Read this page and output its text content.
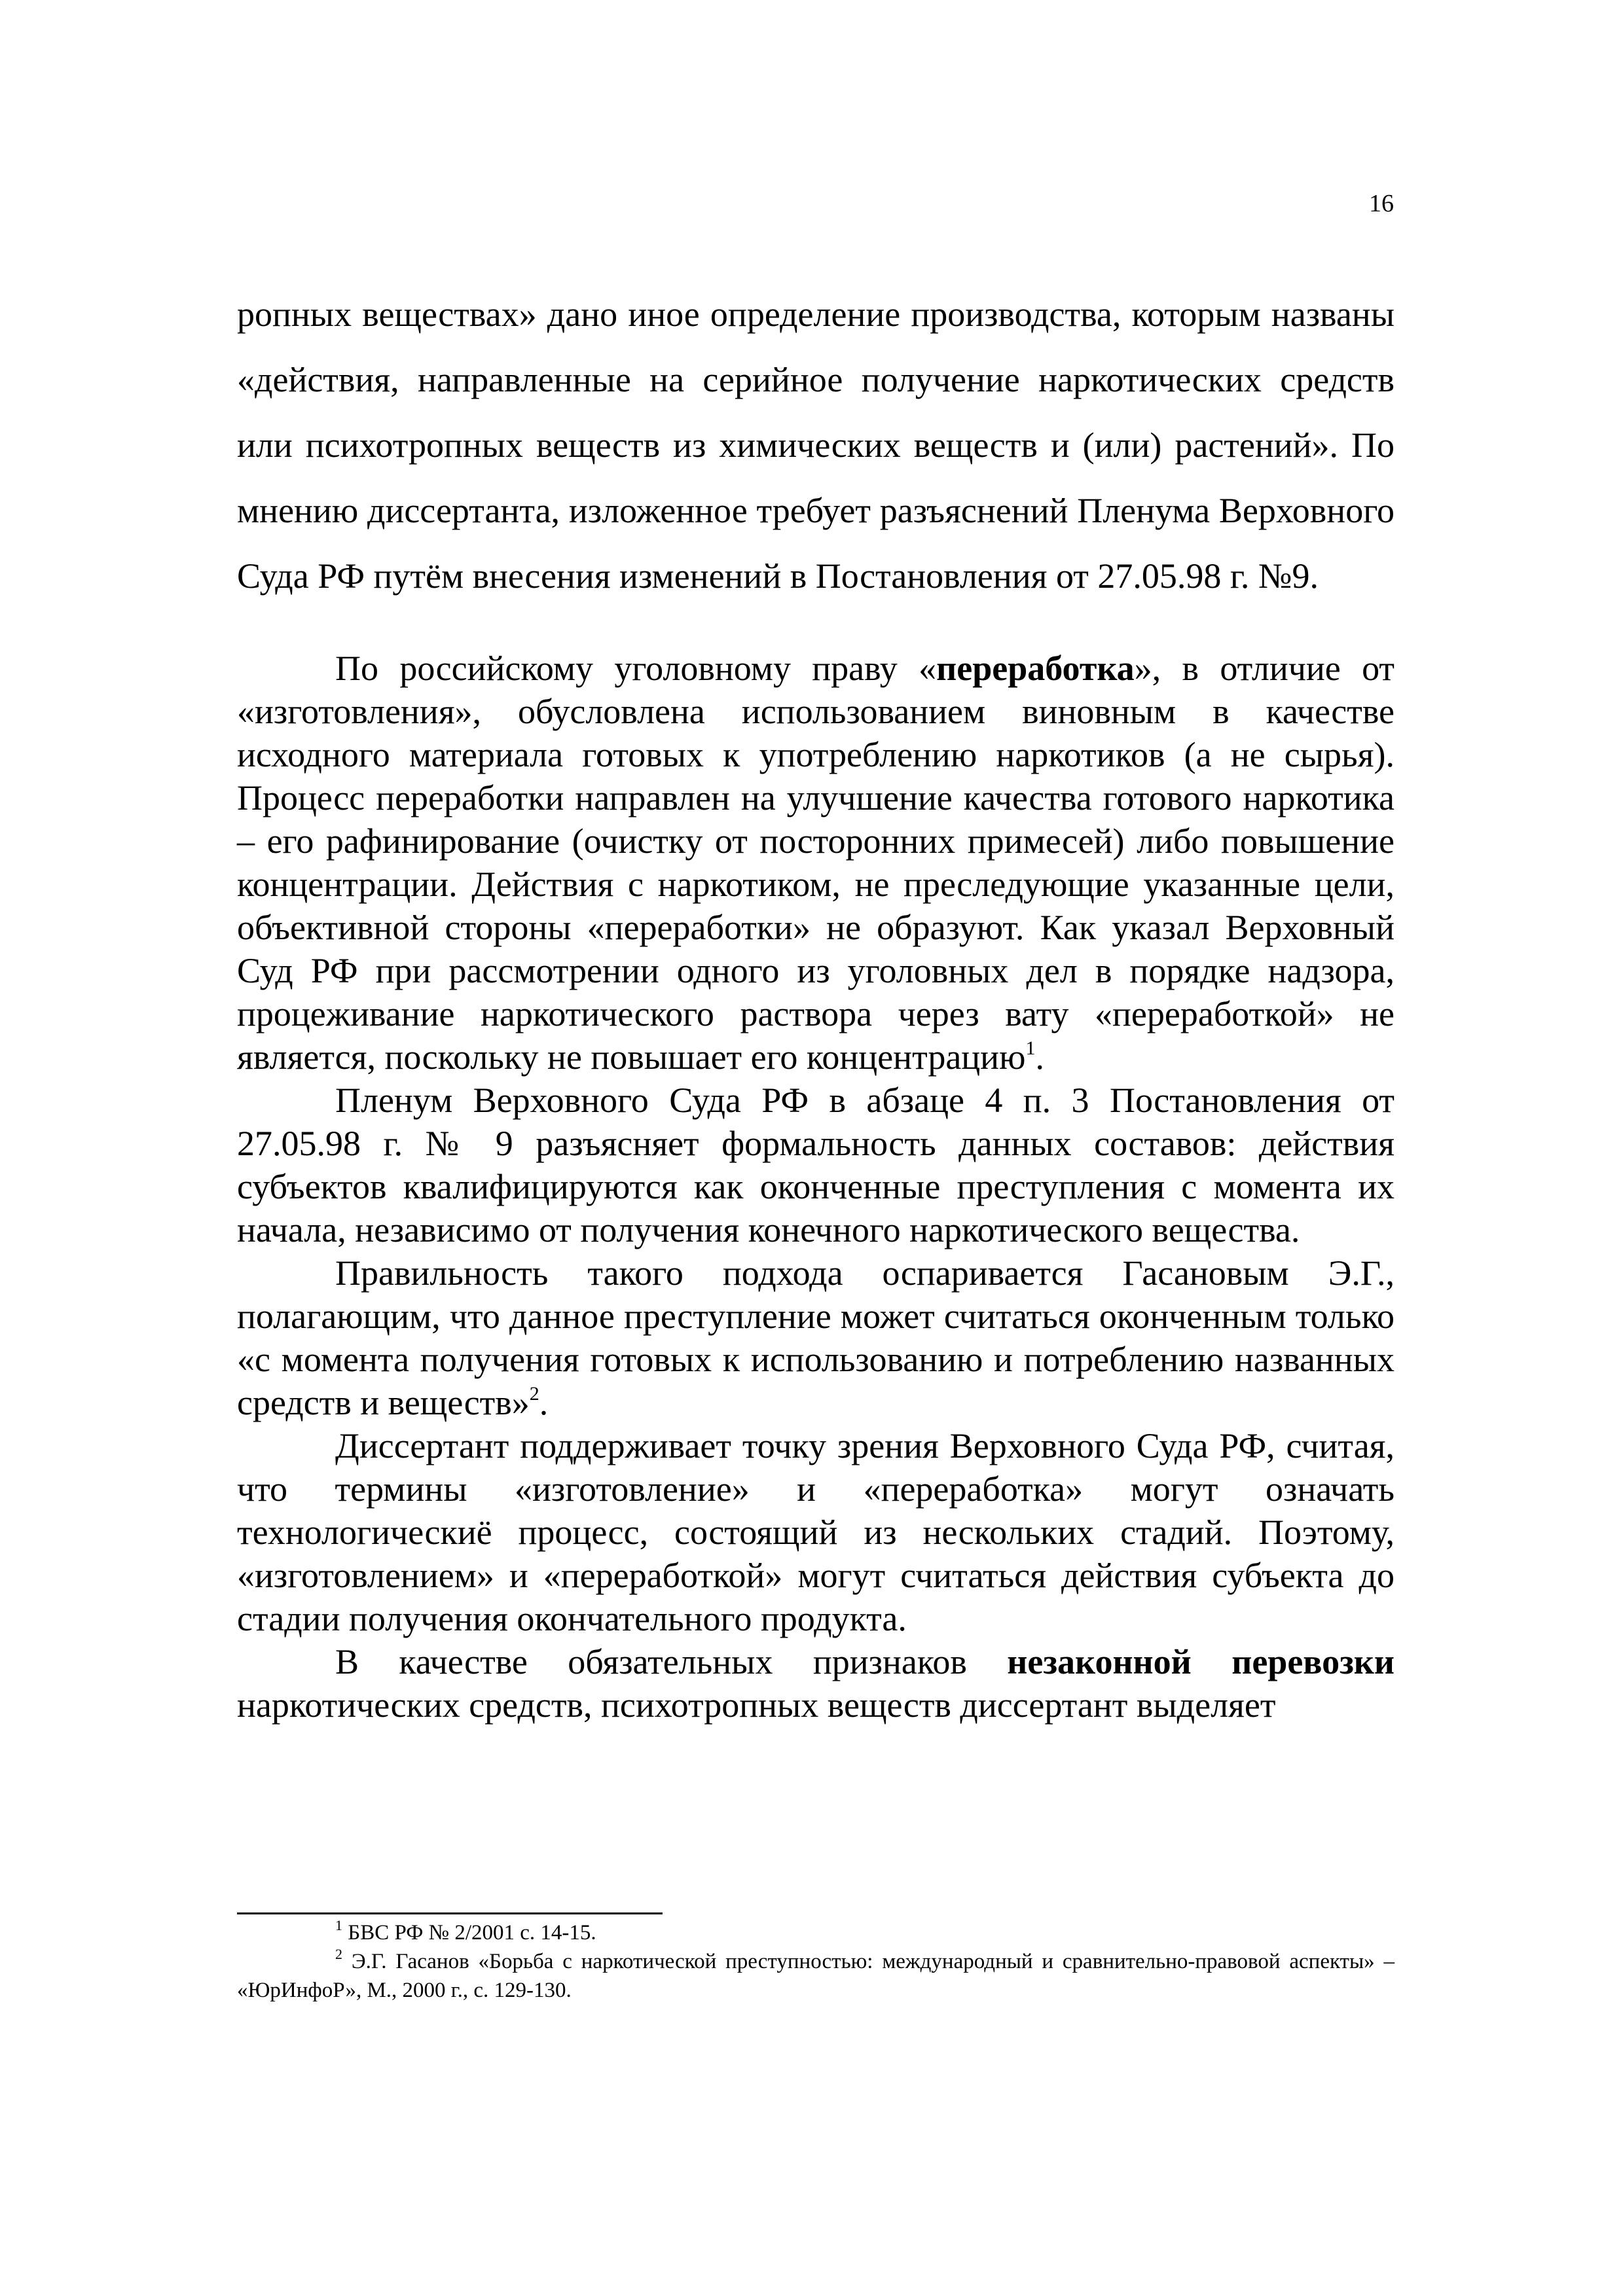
16

ропных веществах» дано иное определение производства, которым названы «действия, направленные на серийное получение наркотических средств или психотропных веществ из химических веществ и (или) растений». По мнению диссертанта, изложенное требует разъяснений Пленума Верховного Суда РФ путём внесения изменений в Постановления от 27.05.98 г. №9.

По российскому уголовному праву «переработка», в отличие от «изготовления», обусловлена использованием виновным в качестве исходного материала готовых к употреблению наркотиков (а не сырья). Процесс переработки направлен на улучшение качества готового наркотика – его рафинирование (очистку от посторонних примесей) либо повышение концентрации. Действия с наркотиком, не преследующие указанные цели, объективной стороны «переработки» не образуют. Как указал Верховный Суд РФ при рассмотрении одного из уголовных дел в порядке надзора, процеживание наркотического раствора через вату «переработкой» не является, поскольку не повышает его концентрацию$^1$.

Пленум Верховного Суда РФ в абзаце 4 п. 3 Постановления от 27.05.98 г. № 9 разъясняет формальность данных составов: действия субъектов квалифицируются как оконченные преступления с момента их начала, независимо от получения конечного наркотического вещества.

Правильность такого подхода оспаривается Гасановым Э.Г., полагающим, что данное преступление может считаться оконченным только «с момента получения готовых к использованию и потреблению названных средств и веществ»$^2$.

Диссертант поддерживает точку зрения Верховного Суда РФ, считая, что термины «изготовление» и «переработка» могут означать технологическиё процесс, состоящий из нескольких стадий. Поэтому, «изготовлением» и «переработкой» могут считаться действия субъекта до стадии получения окончательного продукта.

В качестве обязательных признаков незаконной перевозки наркотических средств, психотропных веществ диссертант выделяет

$^1$ БВС РФ № 2/2001 с. 14-15.

$^2$ Э.Г. Гасанов «Борьба с наркотической преступностью: международный и сравнительно-правовой аспекты» – «ЮрИнфоР», М., 2000 г., с. 129-130.
